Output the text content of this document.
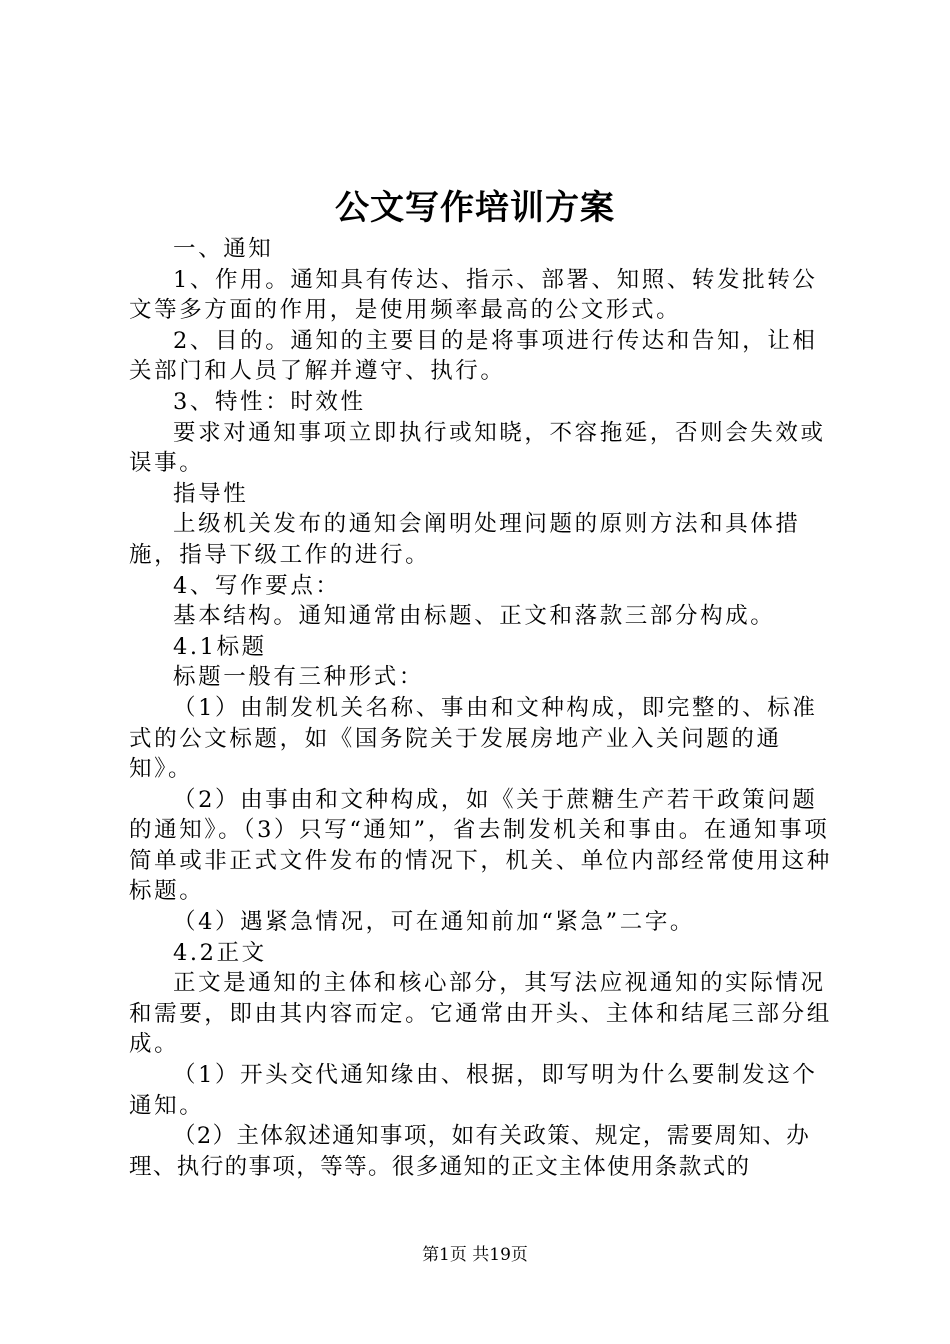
公文写作培训方案

一、通知

1、作用。通知具有传达、指示、部署、知照、转发批转公文等多方面的作用，是使用频率最高的公文形式。

2、目的。通知的主要目的是将事项进行传达和告知，让相关部门和人员了解并遵守、执行。

3、特性：时效性

要求对通知事项立即执行或知晓，不容拖延，否则会失效或误事。

指导性

上级机关发布的通知会阐明处理问题的原则方法和具体措施，指导下级工作的进行。

4、写作要点：

基本结构。通知通常由标题、正文和落款三部分构成。

4.1标题

标题一般有三种形式：

（1）由制发机关名称、事由和文种构成，即完整的、标准式的公文标题，如《国务院关于发展房地产业入关问题的通知》。

（2）由事由和文种构成，如《关于蔗糖生产若干政策问题的通知》。（3）只写“通知”，省去制发机关和事由。在通知事项简单或非正式文件发布的情况下，机关、单位内部经常使用这种标题。

（4）遇紧急情况，可在通知前加“紧急”二字。

4.2正文

正文是通知的主体和核心部分，其写法应视通知的实际情况和需要，即由其内容而定。它通常由开头、主体和结尾三部分组成。

（1）开头交代通知缘由、根据，即写明为什么要制发这个通知。

（2）主体叙述通知事项，如有关政策、规定，需要周知、办理、执行的事项，等等。很多通知的正文主体使用条款式的

第1页 共19页
